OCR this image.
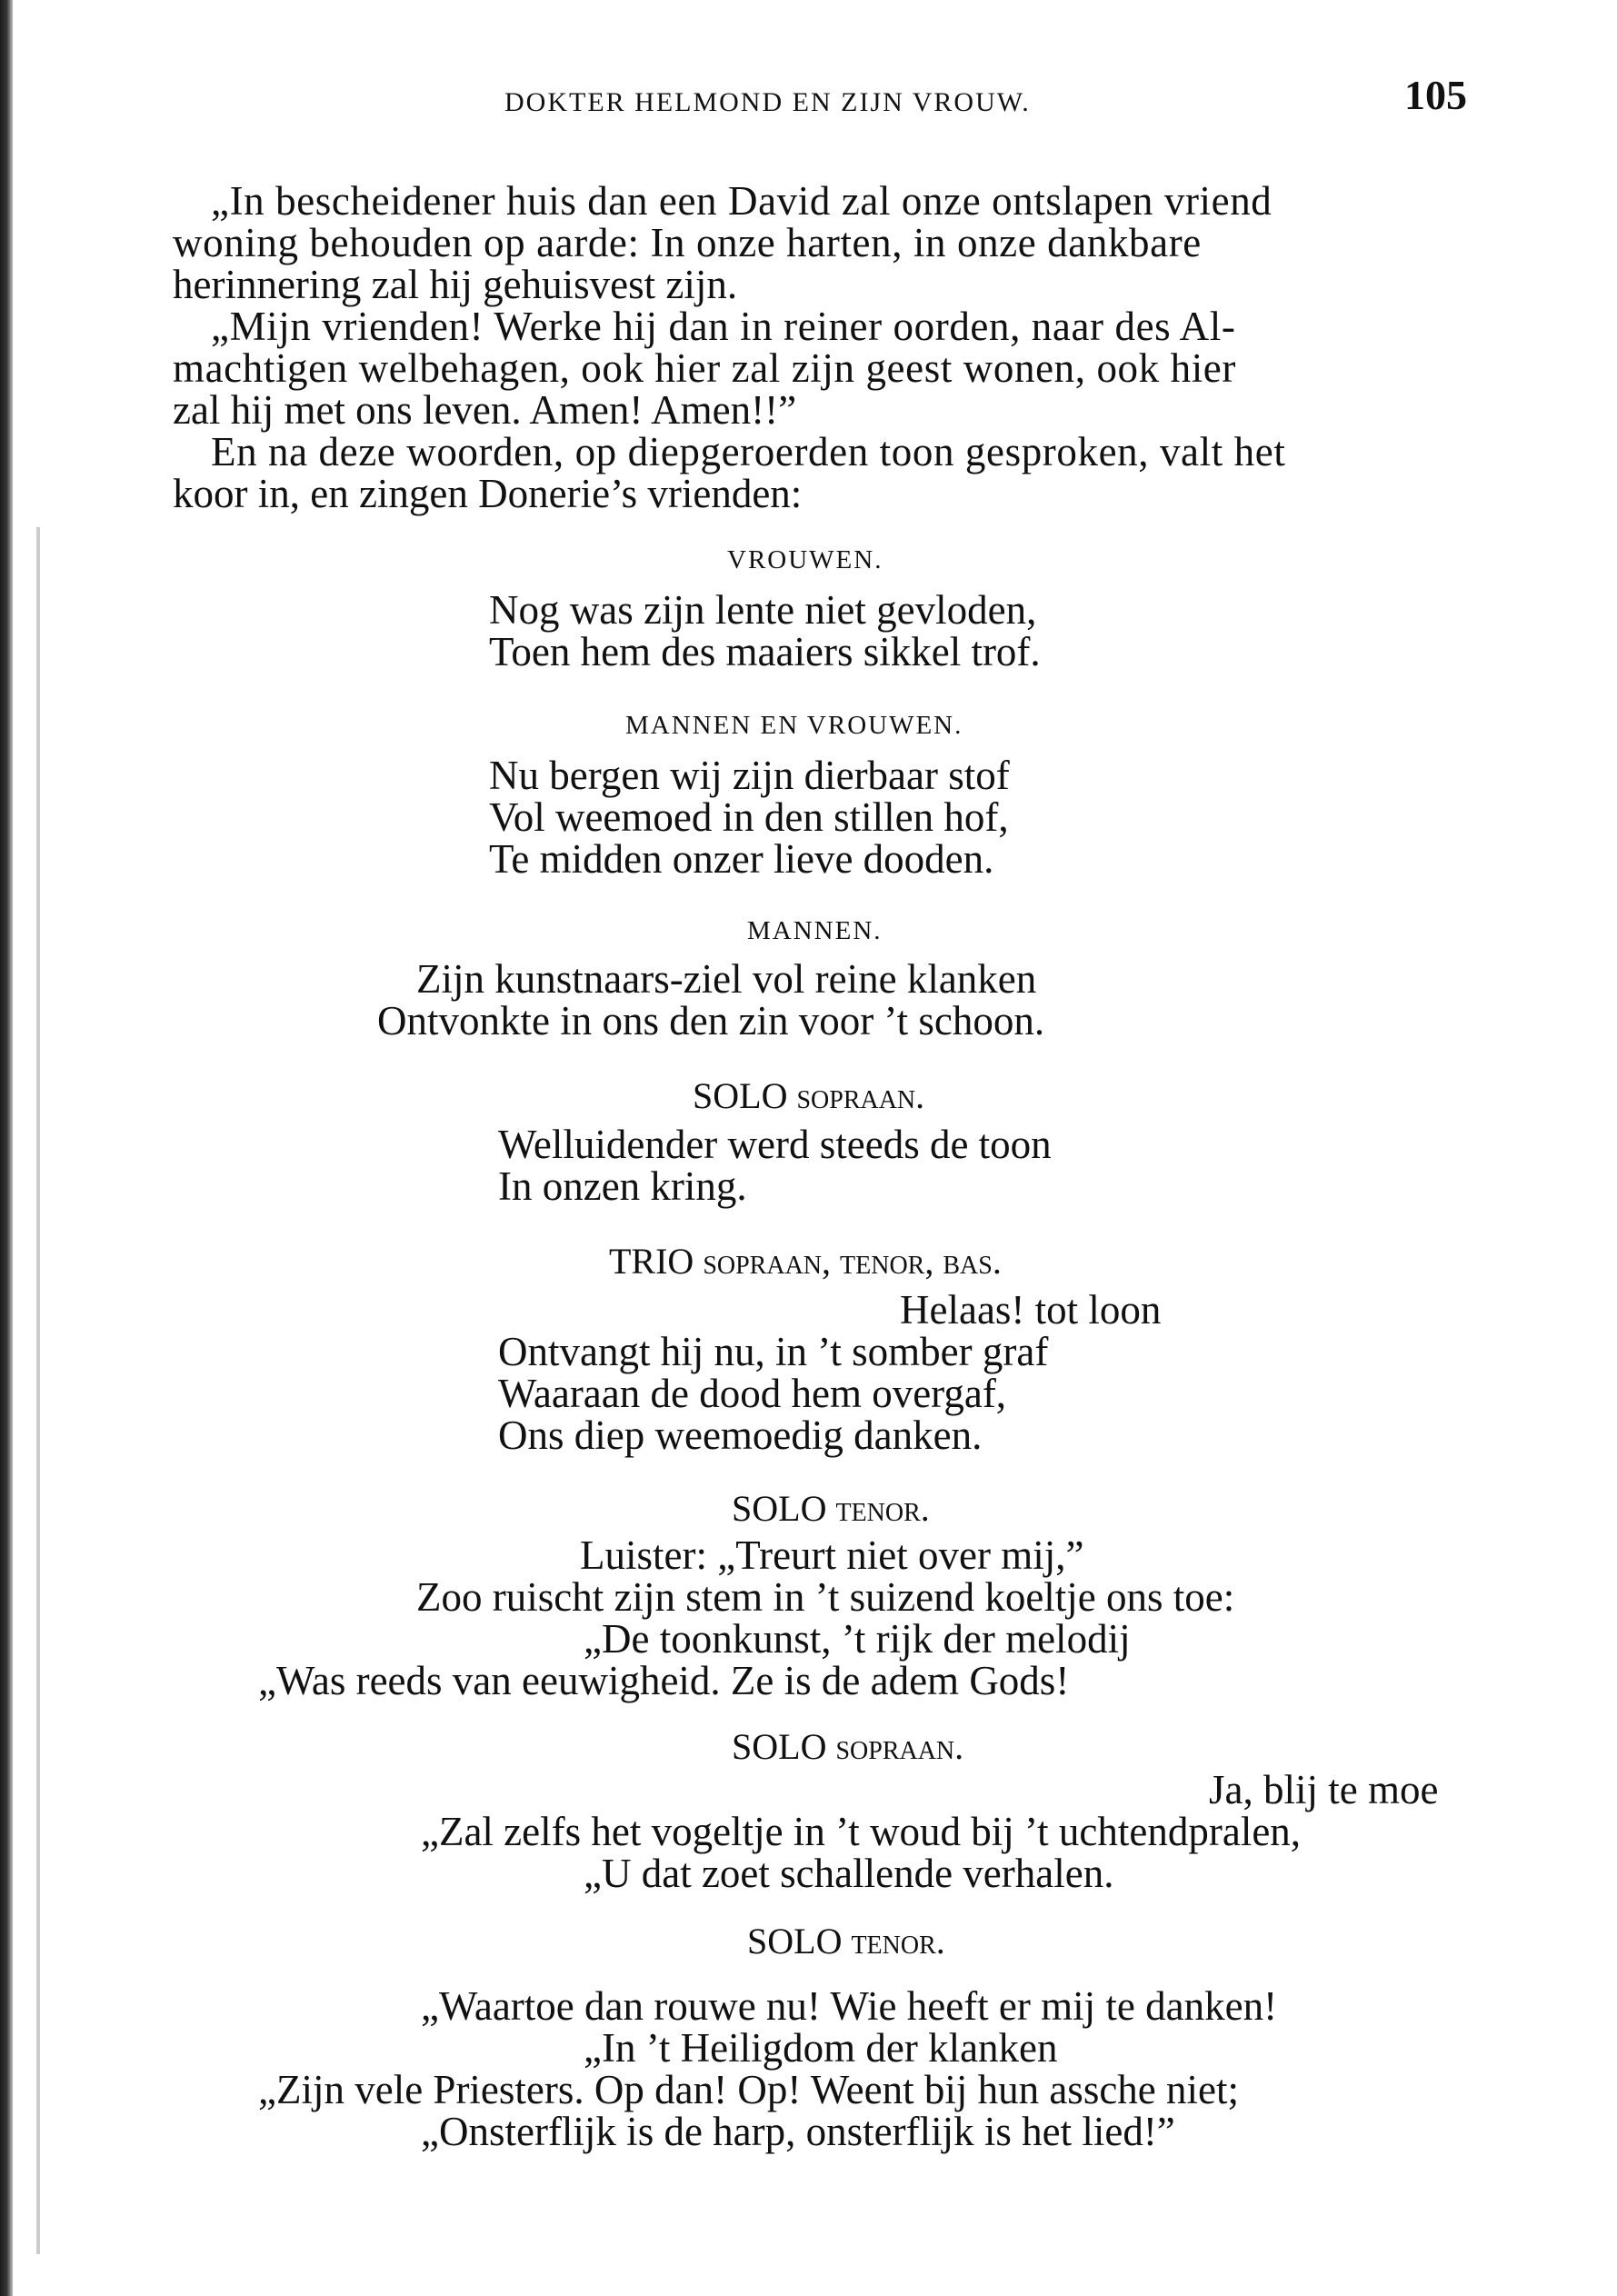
DOKTER HELMOND EN ZIJN VROUW.	105
„In bescheidener huis dan een David zal onze ontslapen vriend
woning behouden op aarde: In onze harten, in onze dankbare
herinnering zal hij gehuisvest zijn.
„Mijn vrienden! Werke hij dan in reiner oorden, naar des Al-
machtigen welbehagen, ook hier zal zijn geest wonen, ook hier
zal hij met ons leven. Amen! Amen!!”
En na deze woorden, op diepgeroerden toon gesproken, valt het
koor in, en zingen Donerie’s vrienden:
VROUWEN.
Nog was zijn lente niet gevloden,
Toen hem des maaiers sikkel trof.
MANNEN EN VROUWEN.
Nu bergen wij zijn dierbaar stof
Vol weemoed in den stillen hof,
Te midden onzer lieve dooden.
MANNEN.
Zijn kunstnaars-ziel vol reine klanken
Ontvonkte in ons den zin voor ’t schoon.
SOLO sopraan.
Welluidender werd steeds de toon
In onzen kring.
TRIO sopraan, tenor, bas.
Helaas! tot loon
Ontvangt hij nu, in ’t somber graf
Waaraan de dood hem overgaf,
Ons diep weemoedig danken.
SOLO tenor.
Luister: „Treurt niet over mij,”
Zoo ruischt zijn stem in ’t suizend koeltje ons toe:
„De toonkunst, ’t rijk der melodij
„Was reeds van eeuwigheid. Ze is de adem Gods!
SOLO sopraan.
Ja, blij te moe
„Zal zelfs het vogeltje in ’t woud bij ’t uchtendpralen,
„U dat zoet schallende verhalen.
SOLO tenor.
„Waartoe dan rouwe nu! Wie heeft er mij te danken!
„In ’t Heiligdom der klanken
„Zijn vele Priesters. Op dan! Op! Weent bij hun assche niet;
„Onsterflijk is de harp, onsterflijk is het lied!”
